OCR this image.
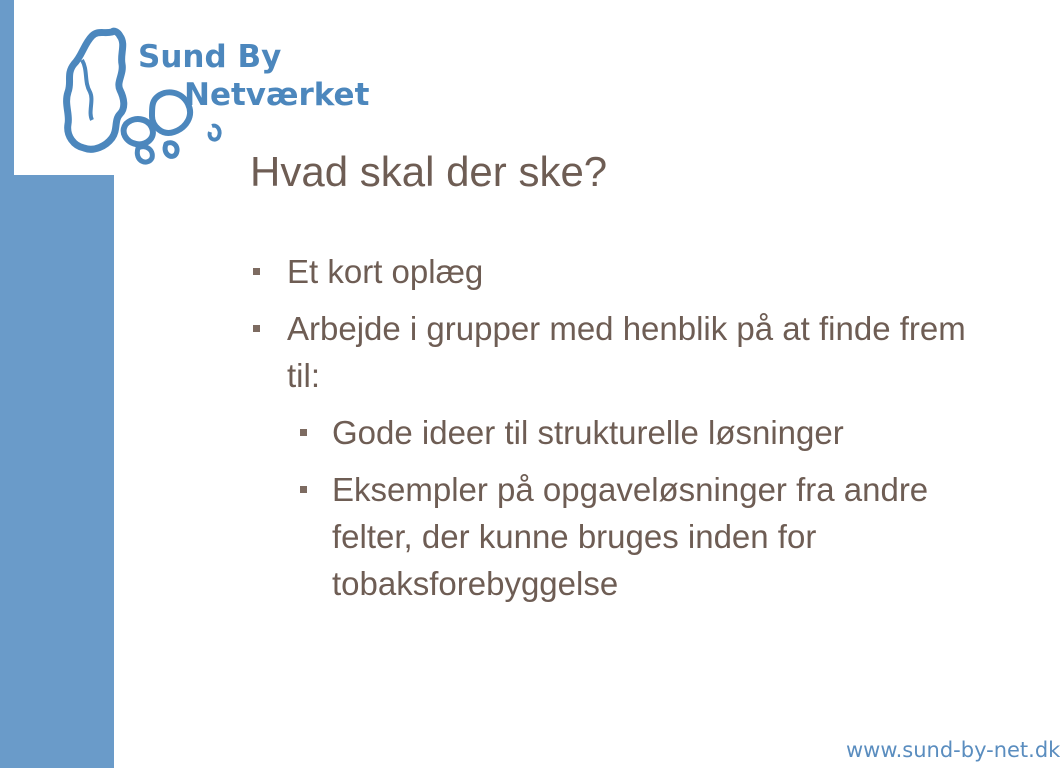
Sund By
Netværket
Hvad skal der ske?
Et kort oplæg
Arbejde i grupper med henblik på at finde frem til:
Gode ideer til strukturelle løsninger
Eksempler på opgaveløsninger fra andre felter, der kunne bruges inden for tobaksforebyggelse
www.sund-by-net.dk
